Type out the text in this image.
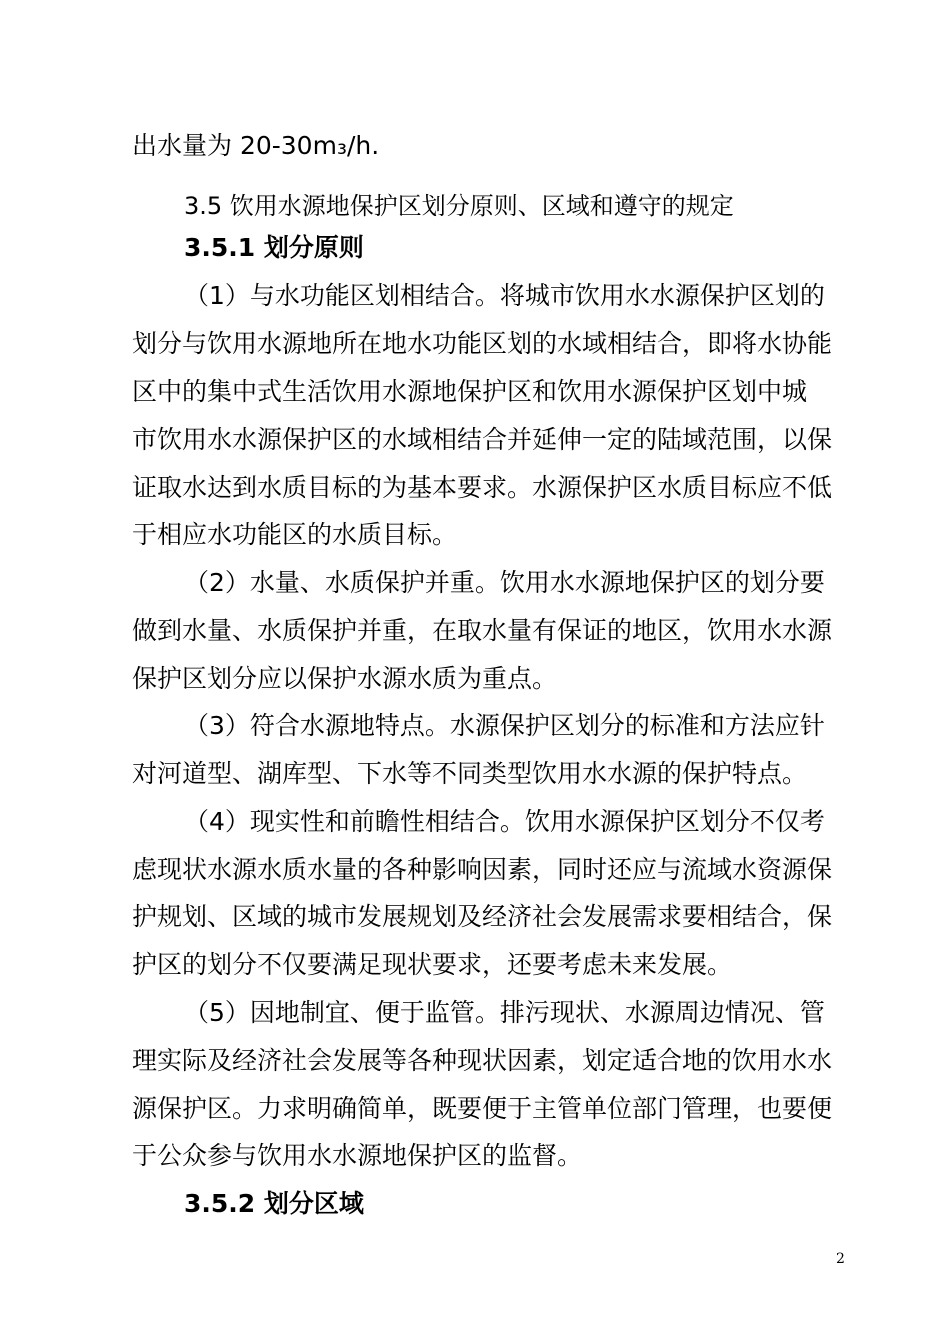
出水量为 20-30m₃/h.
3.5 饮用水源地保护区划分原则、区域和遵守的规定
3.5.1 划分原则
（1）与水功能区划相结合。将城市饮用水水源保护区划的
划分与饮用水源地所在地水功能区划的水域相结合，即将水协能
区中的集中式生活饮用水源地保护区和饮用水源保护区划中城
市饮用水水源保护区的水域相结合并延伸一定的陆域范围，以保
证取水达到水质目标的为基本要求。水源保护区水质目标应不低
于相应水功能区的水质目标。
（2）水量、水质保护并重。饮用水水源地保护区的划分要
做到水量、水质保护并重，在取水量有保证的地区，饮用水水源
保护区划分应以保护水源水质为重点。
（3）符合水源地特点。水源保护区划分的标准和方法应针
对河道型、湖库型、下水等不同类型饮用水水源的保护特点。
（4）现实性和前瞻性相结合。饮用水源保护区划分不仅考
虑现状水源水质水量的各种影响因素，同时还应与流域水资源保
护规划、区域的城市发展规划及经济社会发展需求要相结合，保
护区的划分不仅要满足现状要求，还要考虑未来发展。
（5）因地制宜、便于监管。排污现状、水源周边情况、管
理实际及经济社会发展等各种现状因素，划定适合地的饮用水水
源保护区。力求明确简单，既要便于主管单位部门管理，也要便
于公众参与饮用水水源地保护区的监督。
3.5.2 划分区域
2
